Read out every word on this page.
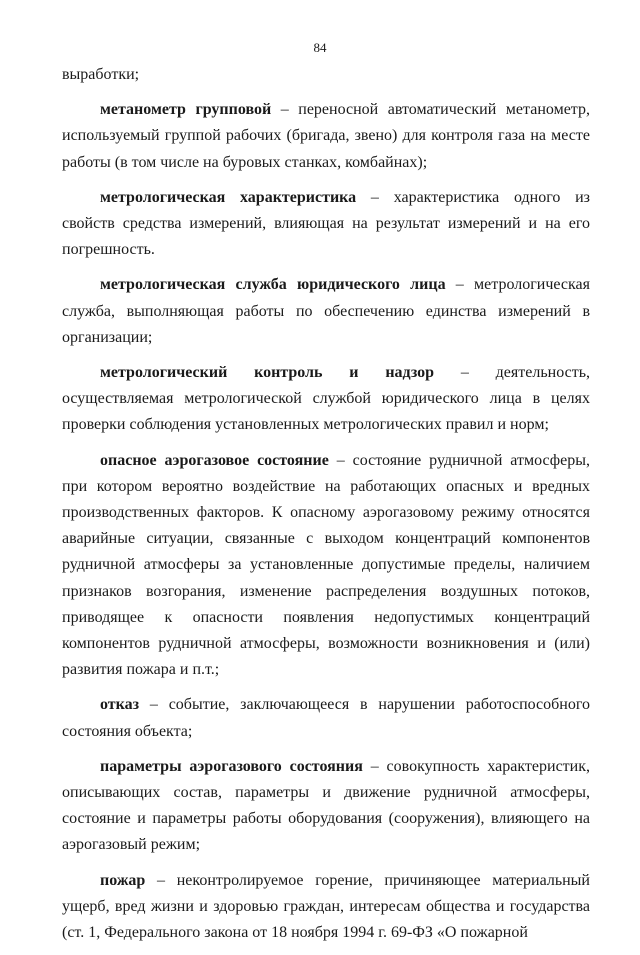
84

выработки;

метанометр групповой – переносной автоматический метанометр, используемый группой рабочих (бригада, звено) для контроля газа на месте работы (в том числе на буровых станках, комбайнах);

метрологическая характеристика – характеристика одного из свойств средства измерений, влияющая на результат измерений и на его погрешность.

метрологическая служба юридического лица – метрологическая служба, выполняющая работы по обеспечению единства измерений в организации;

метрологический контроль и надзор – деятельность, осуществляемая метрологической службой юридического лица в целях проверки соблюдения установленных метрологических правил и норм;

опасное аэрогазовое состояние – состояние рудничной атмосферы, при котором вероятно воздействие на работающих опасных и вредных производственных факторов. К опасному аэрогазовому режиму относятся аварийные ситуации, связанные с выходом концентраций компонентов рудничной атмосферы за установленные допустимые пределы, наличием признаков возгорания, изменение распределения воздушных потоков, приводящее к опасности появления недопустимых концентраций компонентов рудничной атмосферы, возможности возникновения и (или) развития пожара и п.т.;

отказ – событие, заключающееся в нарушении работоспособного состояния объекта;

параметры аэрогазового состояния – совокупность характеристик, описывающих состав, параметры и движение рудничной атмосферы, состояние и параметры работы оборудования (сооружения), влияющего на аэрогазовый режим;

пожар – неконтролируемое горение, причиняющее материальный ущерб, вред жизни и здоровью граждан, интересам общества и государства (ст. 1, Федерального закона от 18 ноября 1994 г. 69-ФЗ «О пожарной
